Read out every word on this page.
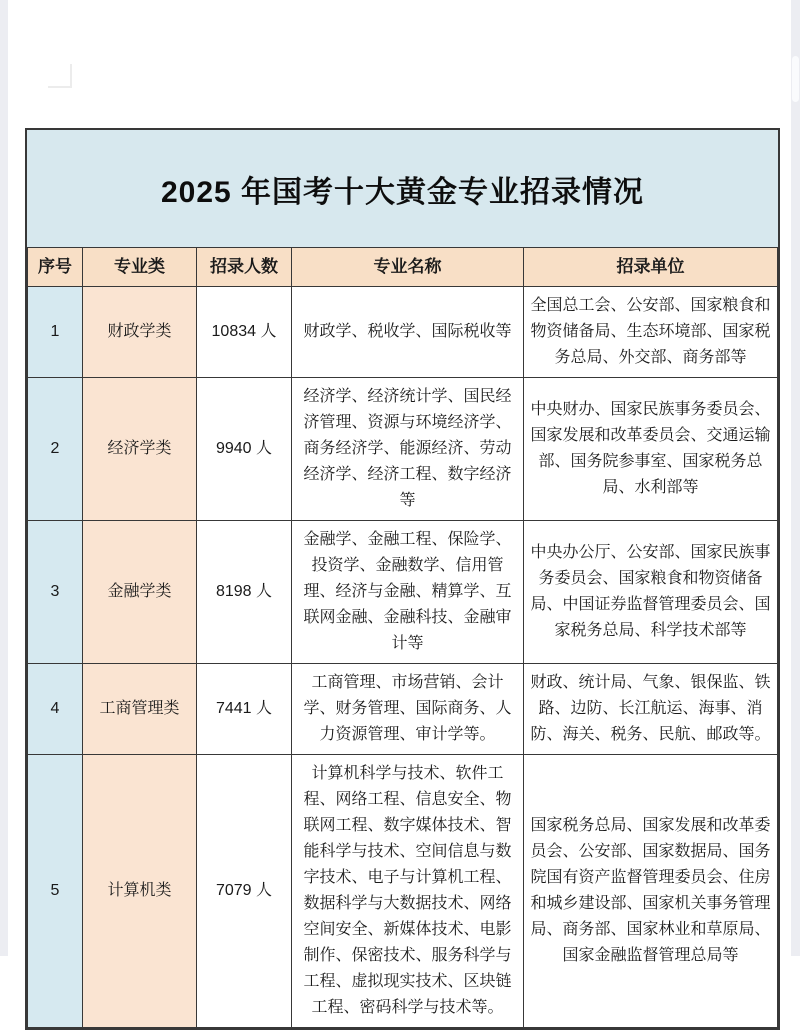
2025 年国考十大黄金专业招录情况
序号	专业类	招录人数	专业名称	招录单位
1	财政学类	10834 人	财政学、税收学、国际税收等	全国总工会、公安部、国家粮食和物资储备局、生态环境部、国家税务总局、外交部、商务部等
2	经济学类	9940 人	经济学、经济统计学、国民经济管理、资源与环境经济学、商务经济学、能源经济、劳动经济学、经济工程、数字经济等	中央财办、国家民族事务委员会、国家发展和改革委员会、交通运输部、国务院参事室、国家税务总局、水利部等
3	金融学类	8198 人	金融学、金融工程、保险学、投资学、金融数学、信用管理、经济与金融、精算学、互联网金融、金融科技、金融审计等	中央办公厅、公安部、国家民族事务委员会、国家粮食和物资储备局、中国证券监督管理委员会、国家税务总局、科学技术部等
4	工商管理类	7441 人	工商管理、市场营销、会计学、财务管理、国际商务、人力资源管理、审计学等。	财政、统计局、气象、银保监、铁路、边防、长江航运、海事、消防、海关、税务、民航、邮政等。
5	计算机类	7079 人	计算机科学与技术、软件工程、网络工程、信息安全、物联网工程、数字媒体技术、智能科学与技术、空间信息与数字技术、电子与计算机工程、数据科学与大数据技术、网络空间安全、新媒体技术、电影制作、保密技术、服务科学与工程、虚拟现实技术、区块链工程、密码科学与技术等。	国家税务总局、国家发展和改革委员会、公安部、国家数据局、国务院国有资产监督管理委员会、住房和城乡建设部、国家机关事务管理局、商务部、国家林业和草原局、国家金融监督管理总局等
